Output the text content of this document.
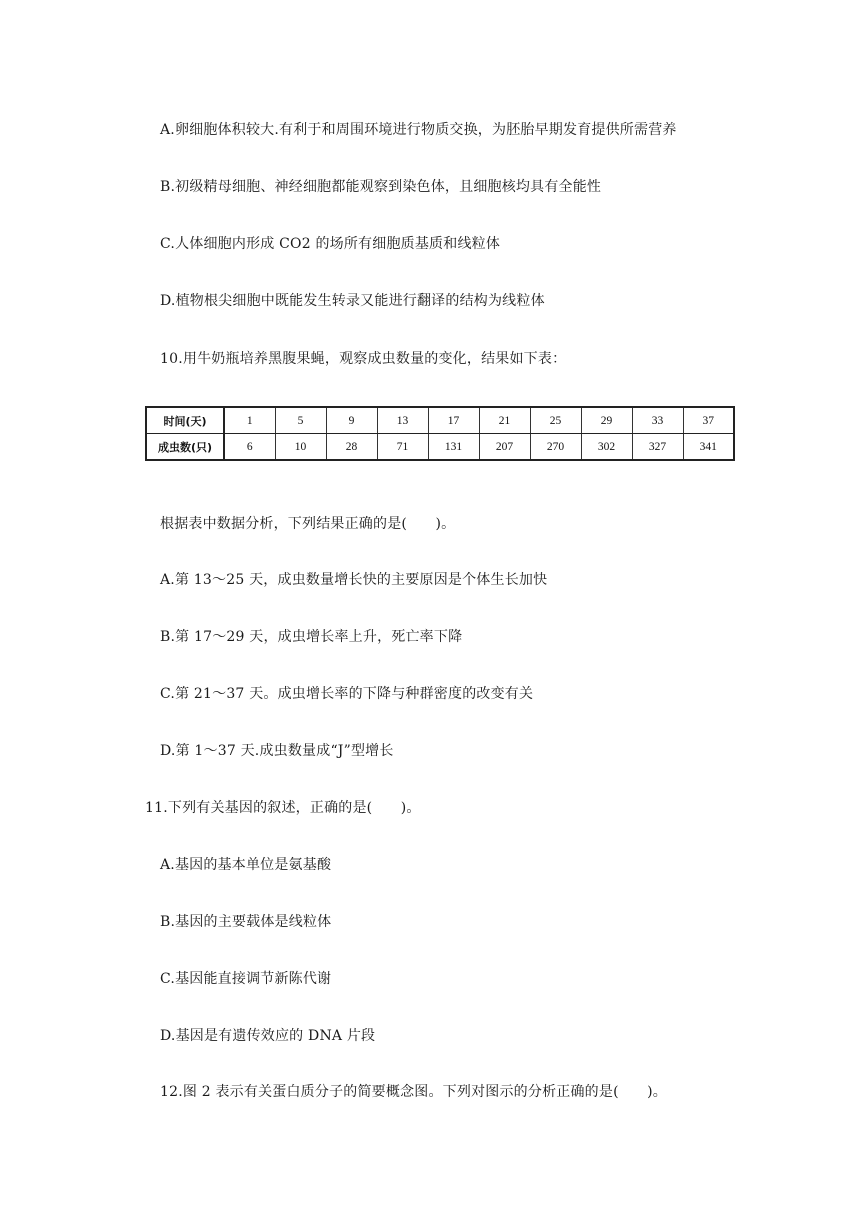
A.卵细胞体积较大.有利于和周围环境进行物质交换，为胚胎早期发育提供所需营养
B.初级精母细胞、神经细胞都能观察到染色体，且细胞核均具有全能性
C.人体细胞内形成 CO2 的场所有细胞质基质和线粒体
D.植物根尖细胞中既能发生转录又能进行翻译的结构为线粒体
10.用牛奶瓶培养黑腹果蝇，观察成虫数量的变化，结果如下表：
时间(天)	1	5	9	13	17	21	25	29	33	37
成虫数(只)	6	10	28	71	131	207	270	302	327	341
根据表中数据分析，下列结果正确的是(　　)。
A.第 13～25 天，成虫数量增长快的主要原因是个体生长加快
B.第 17～29 天，成虫增长率上升，死亡率下降
C.第 21～37 天。成虫增长率的下降与种群密度的改变有关
D.第 1～37 天.成虫数量成“J”型增长
11.下列有关基因的叙述，正确的是(　　)。
A.基因的基本单位是氨基酸
B.基因的主要载体是线粒体
C.基因能直接调节新陈代谢
D.基因是有遗传效应的 DNA 片段
12.图 2 表示有关蛋白质分子的简要概念图。下列对图示的分析正确的是(　　)。
